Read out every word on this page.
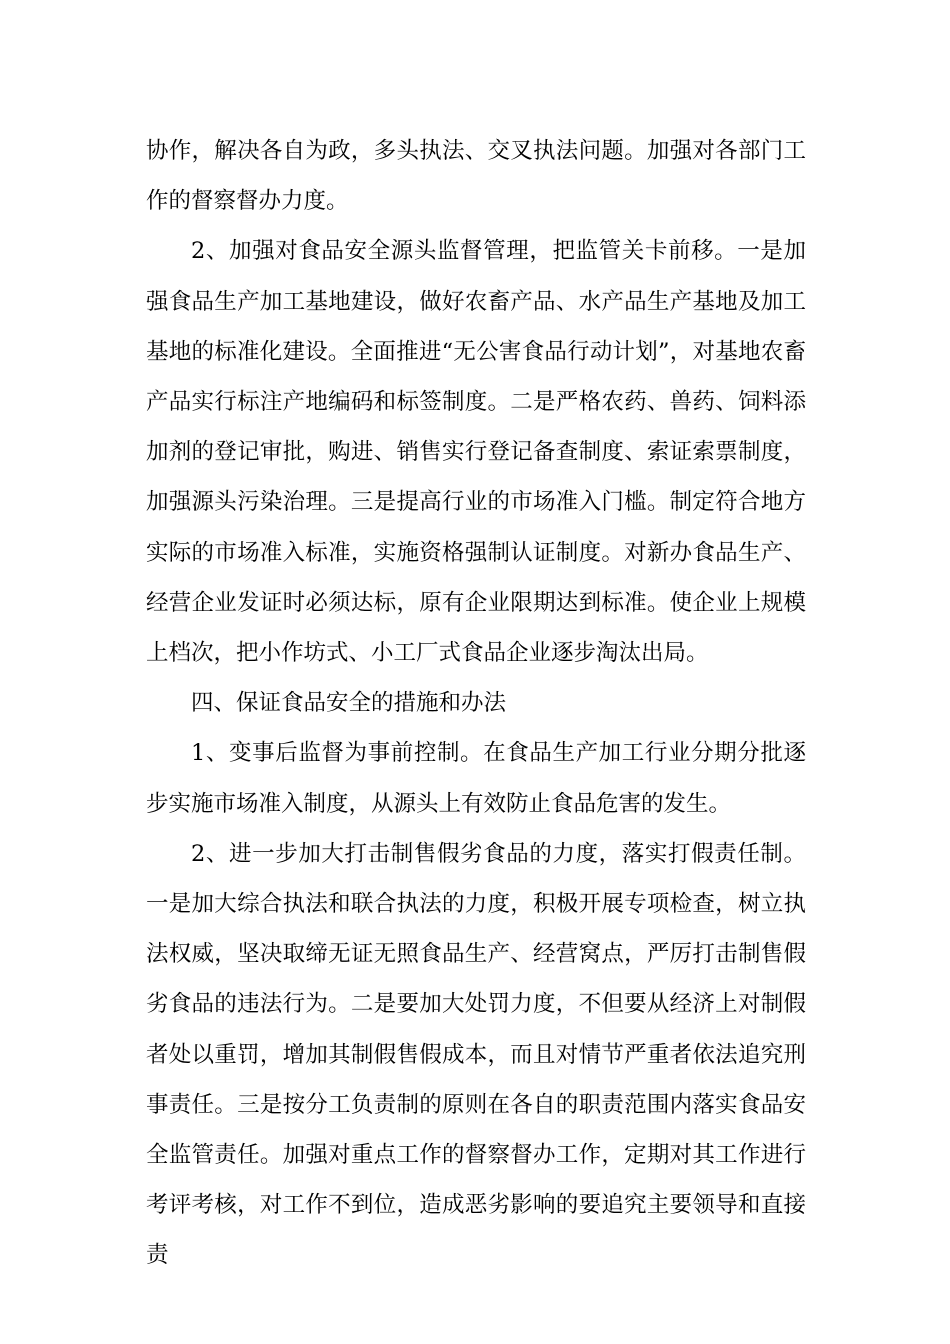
协作，解决各自为政，多头执法、交叉执法问题。加强对各部门工作的督察督办力度。

2、加强对食品安全源头监督管理，把监管关卡前移。一是加强食品生产加工基地建设，做好农畜产品、水产品生产基地及加工基地的标准化建设。全面推进“无公害食品行动计划”，对基地农畜产品实行标注产地编码和标签制度。二是严格农药、兽药、饲料添加剂的登记审批，购进、销售实行登记备查制度、索证索票制度，加强源头污染治理。三是提高行业的市场准入门槛。制定符合地方实际的市场准入标准，实施资格强制认证制度。对新办食品生产、经营企业发证时必须达标，原有企业限期达到标准。使企业上规模上档次，把小作坊式、小工厂式食品企业逐步淘汰出局。

四、保证食品安全的措施和办法

1、变事后监督为事前控制。在食品生产加工行业分期分批逐步实施市场准入制度，从源头上有效防止食品危害的发生。

2、进一步加大打击制售假劣食品的力度，落实打假责任制。一是加大综合执法和联合执法的力度，积极开展专项检查，树立执法权威，坚决取缔无证无照食品生产、经营窝点，严厉打击制售假劣食品的违法行为。二是要加大处罚力度，不但要从经济上对制假者处以重罚，增加其制假售假成本，而且对情节严重者依法追究刑事责任。三是按分工负责制的原则在各自的职责范围内落实食品安全监管责任。加强对重点工作的督察督办工作，定期对其工作进行考评考核，对工作不到位，造成恶劣影响的要追究主要领导和直接责
